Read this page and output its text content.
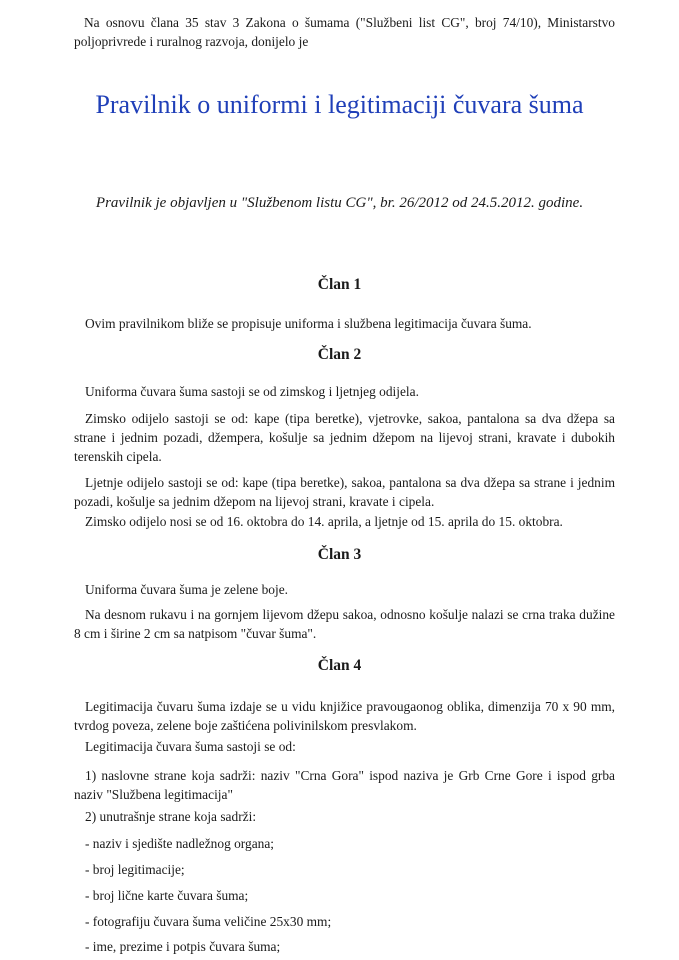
Na osnovu člana 35 stav 3 Zakona o šumama ("Službeni list CG", broj 74/10), Ministarstvo poljoprivrede i ruralnog razvoja, donijelo je

Pravilnik o uniformi i legitimaciji čuvara šuma

Pravilnik je objavljen u "Službenom listu CG", br. 26/2012 od 24.5.2012. godine.

Član 1

Ovim pravilnikom bliže se propisuje uniforma i službena legitimacija čuvara šuma.

Član 2

Uniforma čuvara šuma sastoji se od zimskog i ljetnjeg odijela.

Zimsko odijelo sastoji se od: kape (tipa beretke), vjetrovke, sakoa, pantalona sa dva džepa sa strane i jednim pozadi, džempera, košulje sa jednim džepom na lijevoj strani, kravate i dubokih terenskih cipela.

Ljetnje odijelo sastoji se od: kape (tipa beretke), sakoa, pantalona sa dva džepa sa strane i jednim pozadi, košulje sa jednim džepom na lijevoj strani, kravate i cipela.

Zimsko odijelo nosi se od 16. oktobra do 14. aprila, a ljetnje od 15. aprila do 15. oktobra.

Član 3

Uniforma čuvara šuma je zelene boje.

Na desnom rukavu i na gornjem lijevom džepu sakoa, odnosno košulje nalazi se crna traka dužine 8 cm i širine 2 cm sa natpisom "čuvar šuma".

Član 4

Legitimacija čuvaru šuma izdaje se u vidu knjižice pravougaonog oblika, dimenzija 70 x 90 mm, tvrdog poveza, zelene boje zaštićena polivinilskom presvlakom.

Legitimacija čuvara šuma sastoji se od:

1) naslovne strane koja sadrži: naziv "Crna Gora" ispod naziva je Grb Crne Gore i ispod grba naziv "Službena legitimacija"

2) unutrašnje strane koja sadrži:

- naziv i sjedište nadležnog organa;

- broj legitimacije;

- broj lične karte čuvara šuma;

- fotografiju čuvara šuma veličine 25x30 mm;

- ime, prezime i potpis čuvara šuma;
